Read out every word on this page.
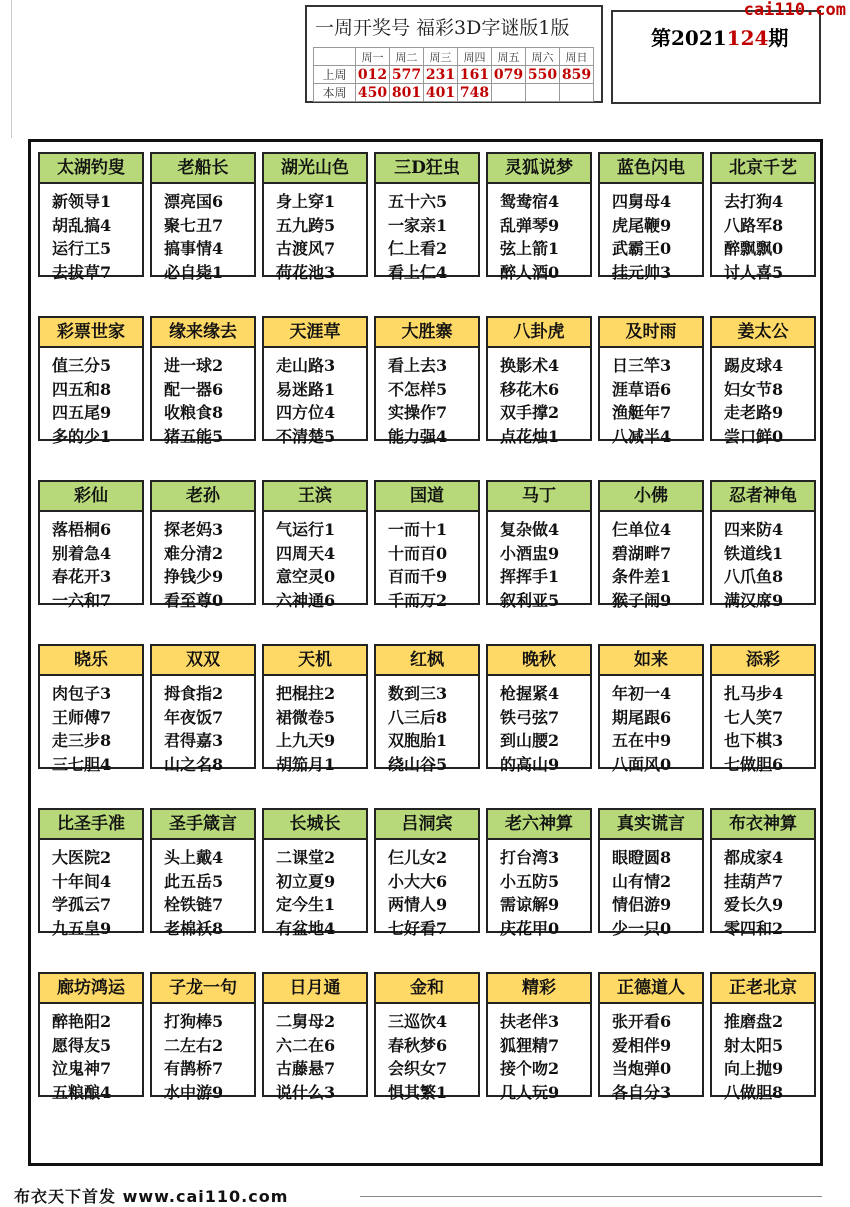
一周开奖号 福彩3D字谜版1版
	周一	周二	周三	周四	周五	周六	周日
上周	012	577	231	161	079	550	859
本周	450	801	401	748			
第2021124期
cai110.com
太湖钓叟
新领导1
胡乱搞4
运行工5
去拔草7
老船长
漂亮国6
聚七丑7
搞事情4
必自毙1
湖光山色
身上穿1
五九跨5
古渡风7
荷花池3
三D狂虫
五十六5
一家亲1
仁上看2
看上仁4
灵狐说梦
鸳鸯宿4
乱弹琴9
弦上箭1
醉人酒0
蓝色闪电
四舅母4
虎尾鞭9
武霸王0
挂元帅3
北京千艺
去打狗4
八路军8
醉飘飘0
讨人喜5
彩票世家
值三分5
四五和8
四五尾9
多的少1
缘来缘去
进一球2
配一器6
收粮食8
猪五能5
天涯草
走山路3
易迷路1
四方位4
不清楚5
大胜寨
看上去3
不怎样5
实操作7
能力强4
八卦虎
换影术4
移花木6
双手撑2
点花烛1
及时雨
日三竿3
涯草语6
渔艇年7
八减半4
姜太公
踢皮球4
妇女节8
走老路9
尝口鲜0
彩仙
落梧桐6
别着急4
春花开3
一六和7
老孙
探老妈3
难分清2
挣钱少9
看至尊0
王滨
气运行1
四周天4
意空灵0
六神通6
国道
一而十1
十而百0
百而千9
千而万2
马丁
复杂做4
小酒盅9
挥挥手1
叙利亚5
小佛
仨单位4
碧湖畔7
条件差1
猴子闹9
忍者神龟
四来防4
铁道线1
八爪鱼8
满汉席9
晓乐
肉包子3
王师傅7
走三步8
三七胆4
双双
拇食指2
年夜饭7
君得嘉3
山之名8
天机
把棍拄2
裙微卷5
上九天9
胡笳月1
红枫
数到三3
八三后8
双胞胎1
绕山谷5
晚秋
枪握紧4
铁弓弦7
到山腰2
的高山9
如来
年初一4
期尾跟6
五在中9
八面风0
添彩
扎马步4
七人笑7
也下棋3
七做胆6
比圣手准
大医院2
十年间4
学孤云7
九五皇9
圣手箴言
头上戴4
此五岳5
栓铁链7
老棉袄8
长城长
二课堂2
初立夏9
定今生1
有盆地4
吕洞宾
仨儿女2
小大大6
两情人9
七好看7
老六神算
打台湾3
小五防5
需谅解9
庆花甲0
真实谎言
眼瞪圆8
山有情2
情侣游9
少一只0
布衣神算
都成家4
挂葫芦7
爱长久9
零四和2
廊坊鸿运
醉艳阳2
愿得友5
泣鬼神7
五粮酿4
子龙一句
打狗棒5
二左右2
有鹊桥7
水中游9
日月通
二舅母2
六二在6
古藤悬7
说什么3
金和
三巡饮4
春秋梦6
会织女7
惧其繁1
精彩
扶老伴3
狐狸精7
接个吻2
几人玩9
正德道人
张开看6
爱相伴9
当炮弹0
各自分3
正老北京
推磨盘2
射太阳5
向上抛9
八做胆8
布衣天下首发 www.cai110.com
